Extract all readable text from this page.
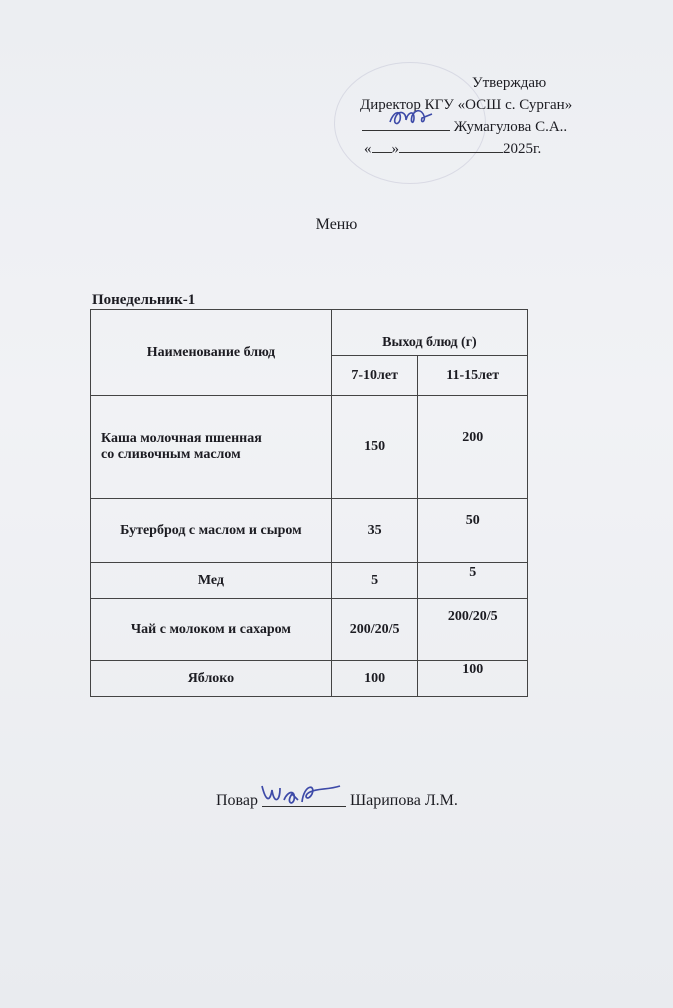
Утверждаю
Директор КГУ «ОСШ с. Сурган»
Жумагулова С.А..
« »	2025г.
Меню
Понедельник-1
Наименование блюд	Выход блюд (г)	
	7-10лет	11-15лет
Каша молочная пшенная
со сливочным маслом	150	200
Бутерброд с маслом и сыром	35	50
Мед	5	5
Чай с молоком и сахаром	200/20/5	200/20/5
Яблоко	100	100
Повар	Шарипова Л.М.
